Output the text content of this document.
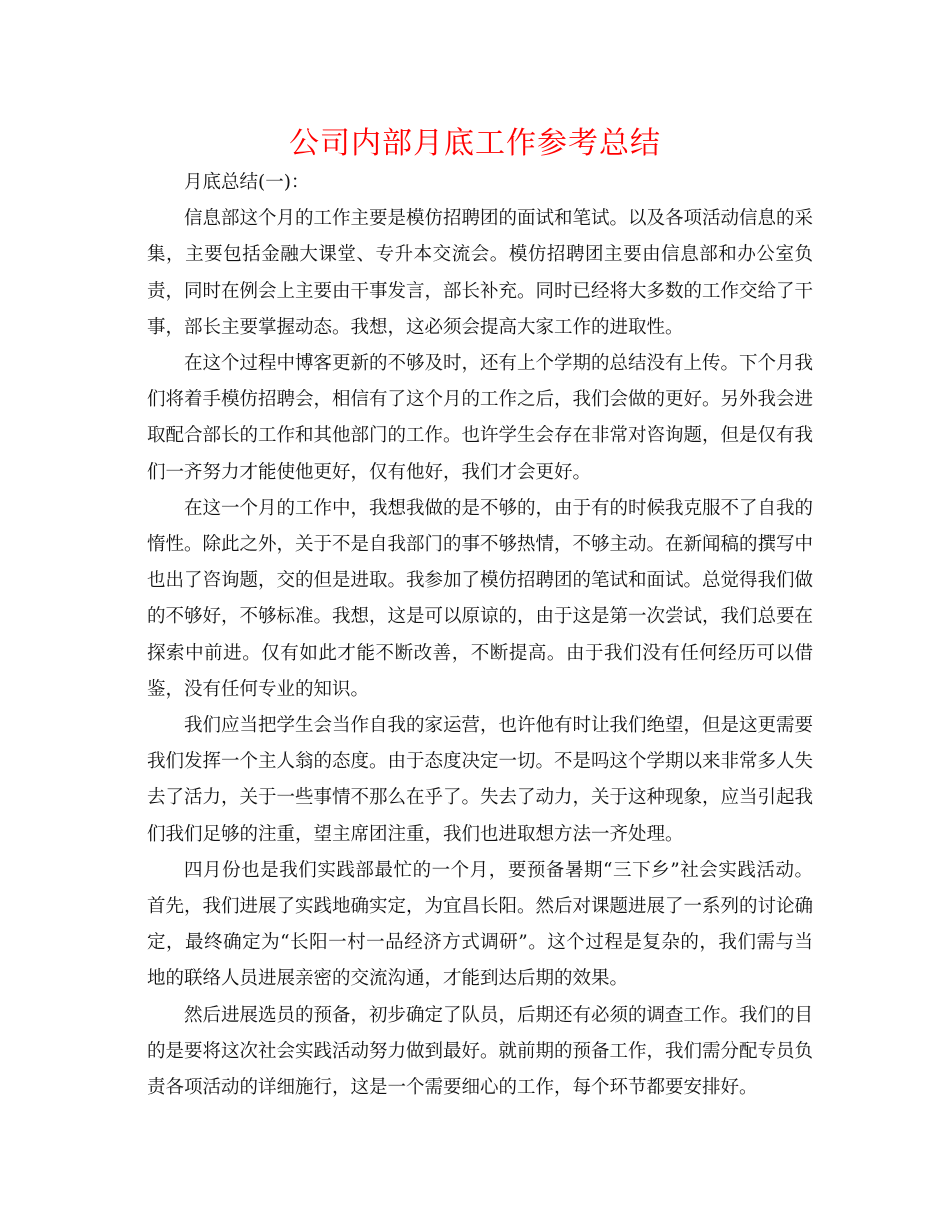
公司内部月底工作参考总结

月底总结(一)：

信息部这个月的工作主要是模仿招聘团的面试和笔试。以及各项活动信息的采集，主要包括金融大课堂、专升本交流会。模仿招聘团主要由信息部和办公室负责，同时在例会上主要由干事发言，部长补充。同时已经将大多数的工作交给了干事，部长主要掌握动态。我想，这必须会提高大家工作的进取性。

在这个过程中博客更新的不够及时，还有上个学期的总结没有上传。下个月我们将着手模仿招聘会，相信有了这个月的工作之后，我们会做的更好。另外我会进取配合部长的工作和其他部门的工作。也许学生会存在非常对咨询题，但是仅有我们一齐努力才能使他更好，仅有他好，我们才会更好。

在这一个月的工作中，我想我做的是不够的，由于有的时候我克服不了自我的惰性。除此之外，关于不是自我部门的事不够热情，不够主动。在新闻稿的撰写中也出了咨询题，交的但是进取。我参加了模仿招聘团的笔试和面试。总觉得我们做的不够好，不够标准。我想，这是可以原谅的，由于这是第一次尝试，我们总要在探索中前进。仅有如此才能不断改善，不断提高。由于我们没有任何经历可以借鉴，没有任何专业的知识。

我们应当把学生会当作自我的家运营，也许他有时让我们绝望，但是这更需要我们发挥一个主人翁的态度。由于态度决定一切。不是吗这个学期以来非常多人失去了活力，关于一些事情不那么在乎了。失去了动力，关于这种现象，应当引起我们我们足够的注重，望主席团注重，我们也进取想方法一齐处理。

四月份也是我们实践部最忙的一个月，要预备暑期“三下乡”社会实践活动。首先，我们进展了实践地确实定，为宜昌长阳。然后对课题进展了一系列的讨论确定，最终确定为“长阳一村一品经济方式调研”。这个过程是复杂的，我们需与当地的联络人员进展亲密的交流沟通，才能到达后期的效果。

然后进展选员的预备，初步确定了队员，后期还有必须的调查工作。我们的目的是要将这次社会实践活动努力做到最好。就前期的预备工作，我们需分配专员负责各项活动的详细施行，这是一个需要细心的工作，每个环节都要安排好。
